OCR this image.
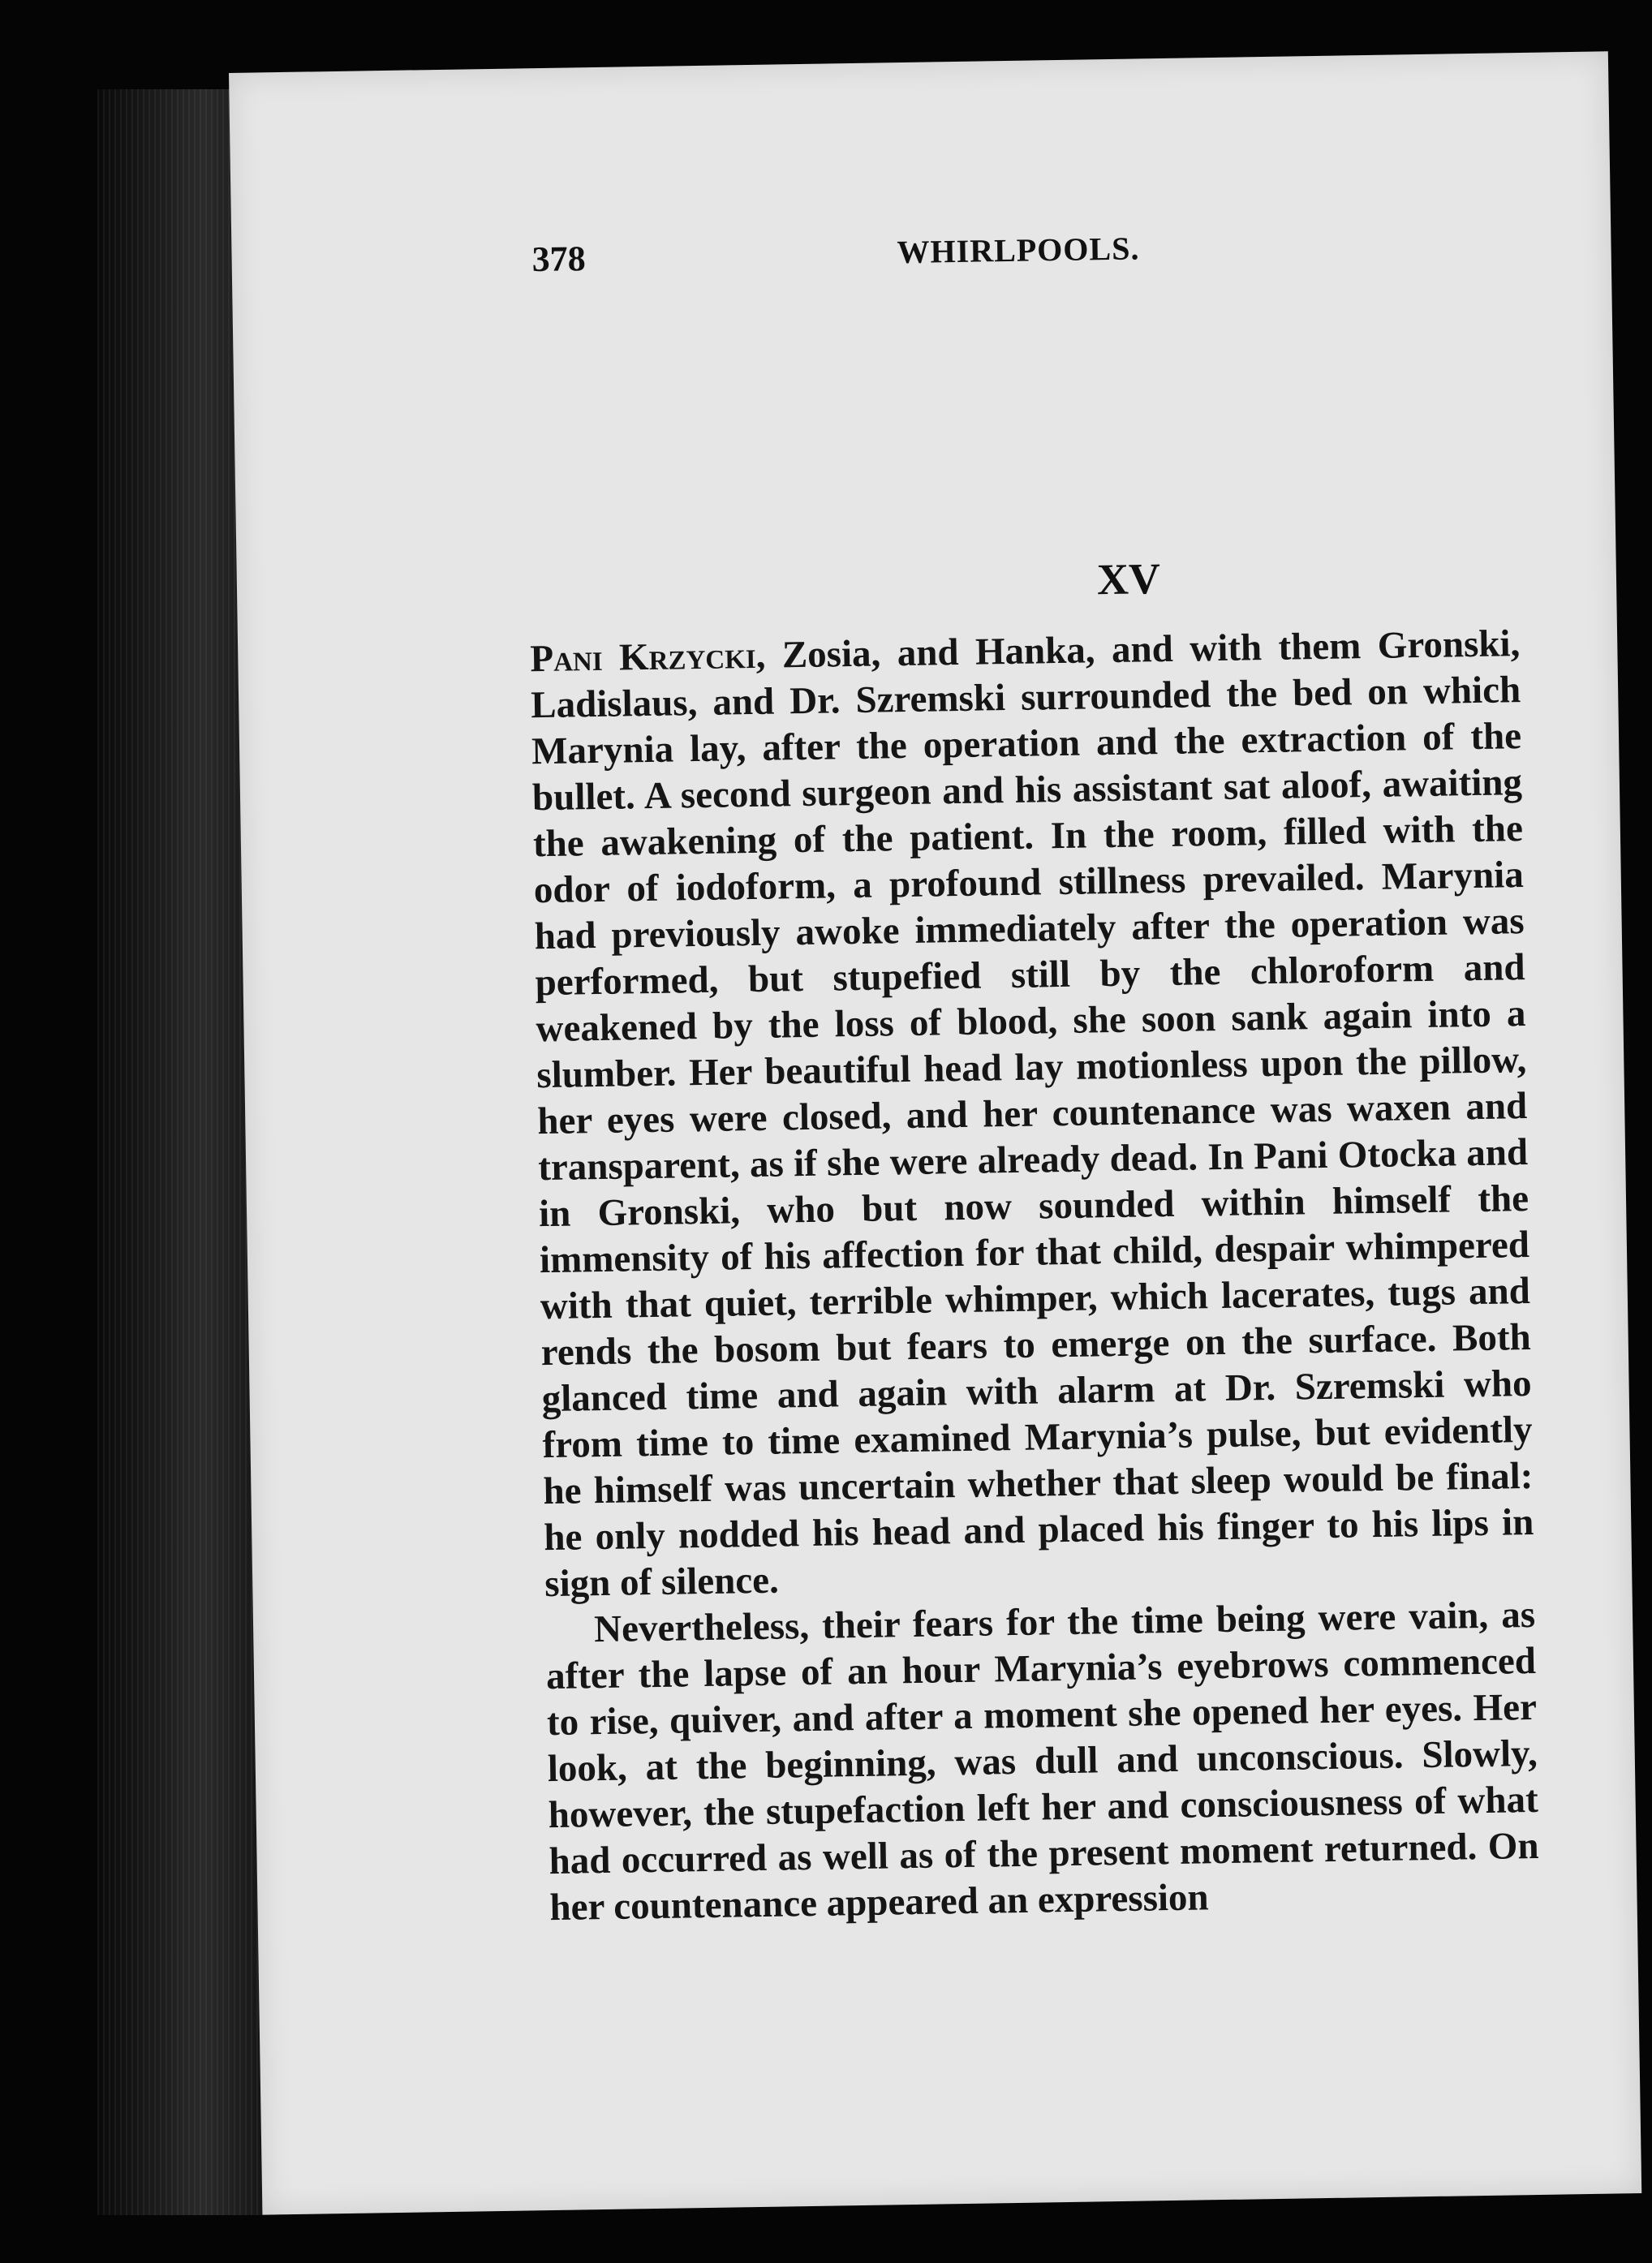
378	WHIRLPOOLS.
XV

Pani Krzycki, Zosia, and Hanka, and with them Gronski, Ladislaus, and Dr. Szremski surrounded the bed on which Marynia lay, after the operation and the extraction of the bullet. A second surgeon and his assistant sat aloof, awaiting the awakening of the patient. In the room, filled with the odor of iodoform, a profound stillness prevailed. Marynia had previously awoke immediately after the operation was performed, but stupefied still by the chloroform and weakened by the loss of blood, she soon sank again into a slumber. Her beautiful head lay motionless upon the pillow, her eyes were closed, and her countenance was waxen and transparent, as if she were already dead. In Pani Otocka and in Gronski, who but now sounded within himself the immensity of his affection for that child, despair whimpered with that quiet, terrible whimper, which lacerates, tugs and rends the bosom but fears to emerge on the surface. Both glanced time and again with alarm at Dr. Szremski who from time to time examined Marynia’s pulse, but evidently he himself was uncertain whether that sleep would be final: he only nodded his head and placed his finger to his lips in sign of silence.

Nevertheless, their fears for the time being were vain, as after the lapse of an hour Marynia’s eyebrows commenced to rise, quiver, and after a moment she opened her eyes. Her look, at the beginning, was dull and unconscious. Slowly, however, the stupefaction left her and consciousness of what had occurred as well as of the present moment returned. On her countenance appeared an expression
